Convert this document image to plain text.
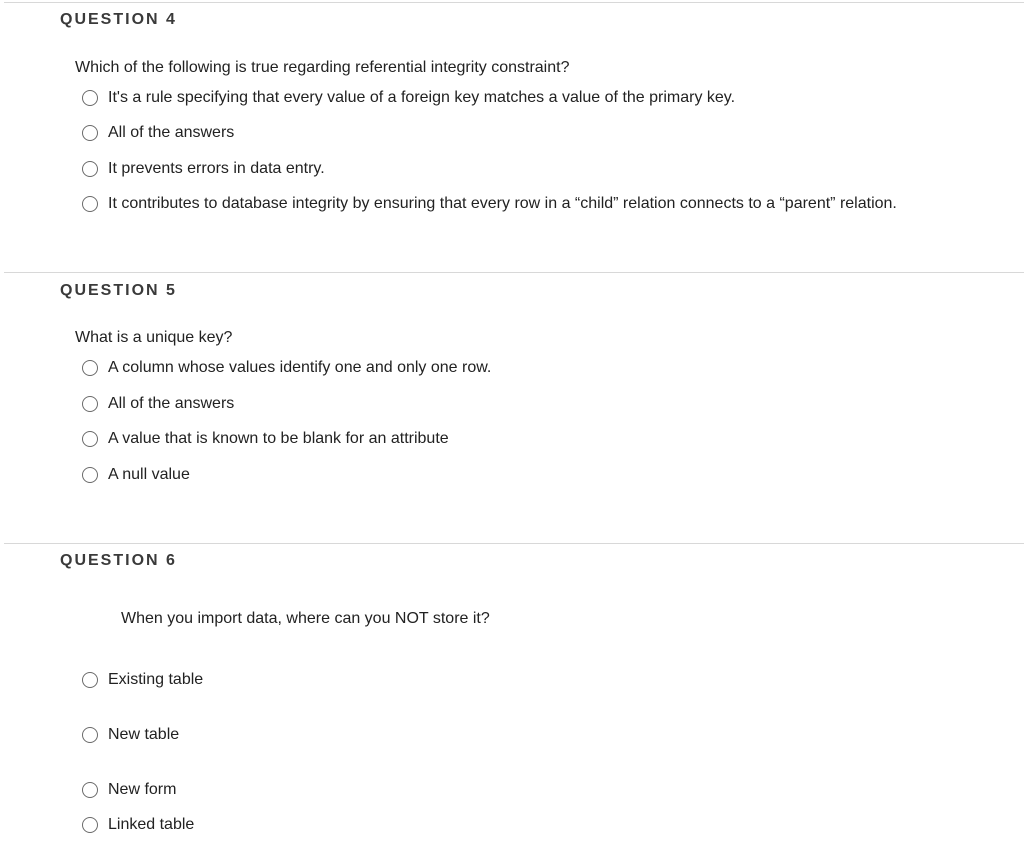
QUESTION 4
Which of the following is true regarding referential integrity constraint?
It's a rule specifying that every value of a foreign key matches a value of the primary key.
All of the answers
It prevents errors in data entry.
It contributes to database integrity by ensuring that every row in a “child” relation connects to a “parent” relation.
QUESTION 5
What is a unique key?
A column whose values identify one and only one row.
All of the answers
A value that is known to be blank for an attribute
A null value
QUESTION 6
When you import data, where can you NOT store it?
Existing table
New table
New form
Linked table
